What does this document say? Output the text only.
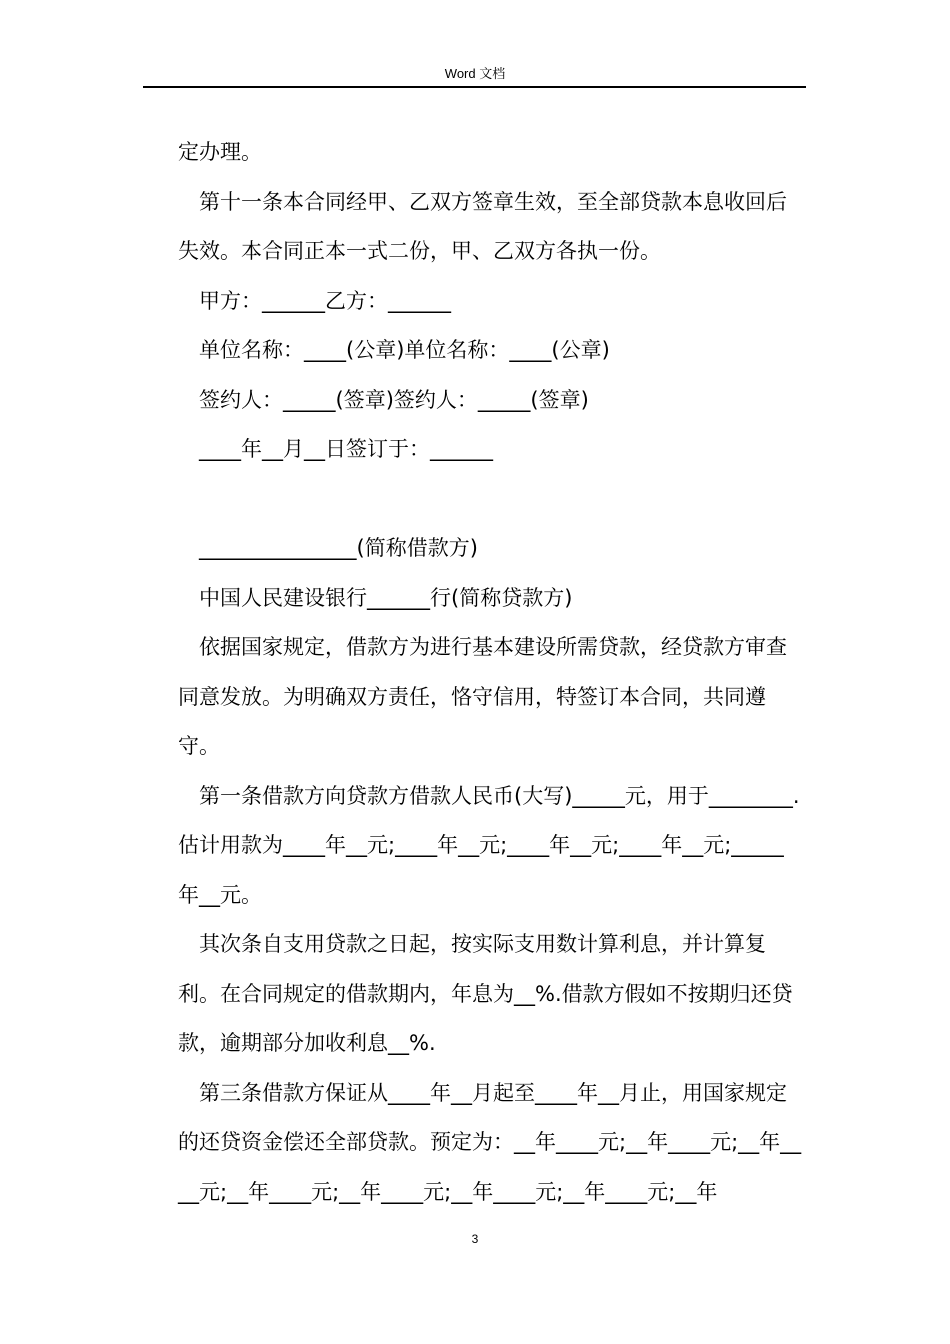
Word 文档

定办理。

第十一条本合同经甲、乙双方签章生效，至全部贷款本息收回后失效。本合同正本一式二份，甲、乙双方各执一份。

甲方：______乙方：______

单位名称：____(公章)单位名称：____(公章)

签约人：_____(签章)签约人：_____(签章)

____年__月__日签订于：______

_______________(简称借款方)

中国人民建设银行______行(简称贷款方)

依据国家规定，借款方为进行基本建设所需贷款，经贷款方审查同意发放。为明确双方责任，恪守信用，特签订本合同，共同遵守。

第一条借款方向贷款方借款人民币(大写)_____元，用于________.估计用款为____年__元;____年__元;____年__元;____年__元;_____年__元。

其次条自支用贷款之日起，按实际支用数计算利息，并计算复利。在合同规定的借款期内，年息为__%.借款方假如不按期归还贷款，逾期部分加收利息__%.

第三条借款方保证从____年__月起至____年__月止，用国家规定的还贷资金偿还全部贷款。预定为：__年____元;__年____元;__年____元;__年____元;__年____元;__年____元;__年____元;__年

3
